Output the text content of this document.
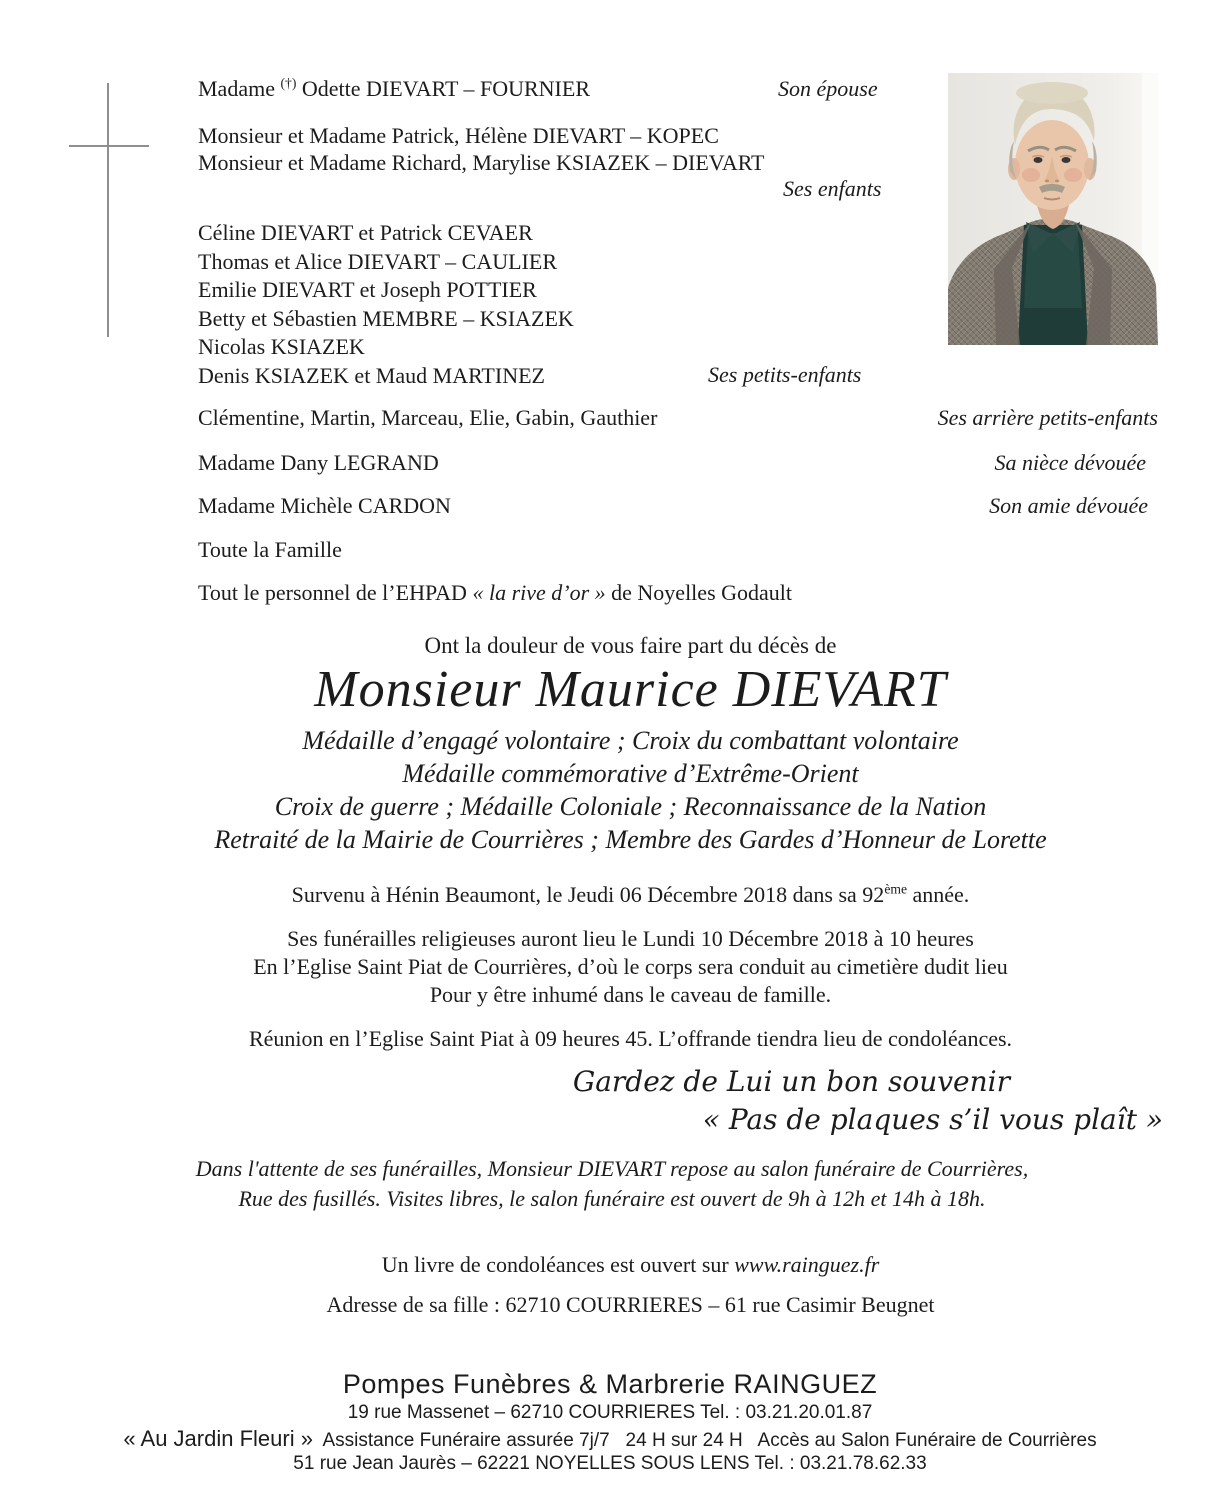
Madame (†) Odette DIEVART – FOURNIER	Son épouse
Monsieur et Madame Patrick, Hélène DIEVART – KOPEC
Monsieur et Madame Richard, Marylise KSIAZEK – DIEVART
Ses enfants
Céline DIEVART et Patrick CEVAER
Thomas et Alice DIEVART – CAULIER
Emilie DIEVART et Joseph POTTIER
Betty et Sébastien MEMBRE – KSIAZEK
Nicolas KSIAZEK
Denis KSIAZEK et Maud MARTINEZ	Ses petits-enfants
Clémentine, Martin, Marceau, Elie, Gabin, Gauthier	Ses arrière petits-enfants
Madame Dany LEGRAND	Sa nièce dévouée
Madame Michèle CARDON	Son amie dévouée
Toute la Famille
Tout le personnel de l’EHPAD « la rive d’or » de Noyelles Godault
Ont la douleur de vous faire part du décès de
Monsieur Maurice DIEVART
Médaille d’engagé volontaire ; Croix du combattant volontaire
Médaille commémorative d’Extrême-Orient
Croix de guerre ; Médaille Coloniale ; Reconnaissance de la Nation
Retraité de la Mairie de Courrières ; Membre des Gardes d’Honneur de Lorette
Survenu à Hénin Beaumont, le Jeudi 06 Décembre 2018 dans sa 92ème année.
Ses funérailles religieuses auront lieu le Lundi 10 Décembre 2018 à 10 heures
En l’Eglise Saint Piat de Courrières, d’où le corps sera conduit au cimetière dudit lieu
Pour y être inhumé dans le caveau de famille.
Réunion en l’Eglise Saint Piat à 09 heures 45. L’offrande tiendra lieu de condoléances.
Gardez de Lui un bon souvenir
« Pas de plaques s’il vous plaît »
Dans l'attente de ses funérailles, Monsieur DIEVART repose au salon funéraire de Courrières,
Rue des fusillés. Visites libres, le salon funéraire est ouvert de 9h à 12h et 14h à 18h.
Un livre de condoléances est ouvert sur www.rainguez.fr
Adresse de sa fille : 62710 COURRIERES – 61 rue Casimir Beugnet
Pompes Funèbres & Marbrerie RAINGUEZ
19 rue Massenet – 62710 COURRIERES Tel. : 03.21.20.01.87
« Au Jardin Fleuri »  Assistance Funéraire assurée 7j/7   24 H sur 24 H   Accès au Salon Funéraire de Courrières
51 rue Jean Jaurès – 62221 NOYELLES SOUS LENS Tel. : 03.21.78.62.33
